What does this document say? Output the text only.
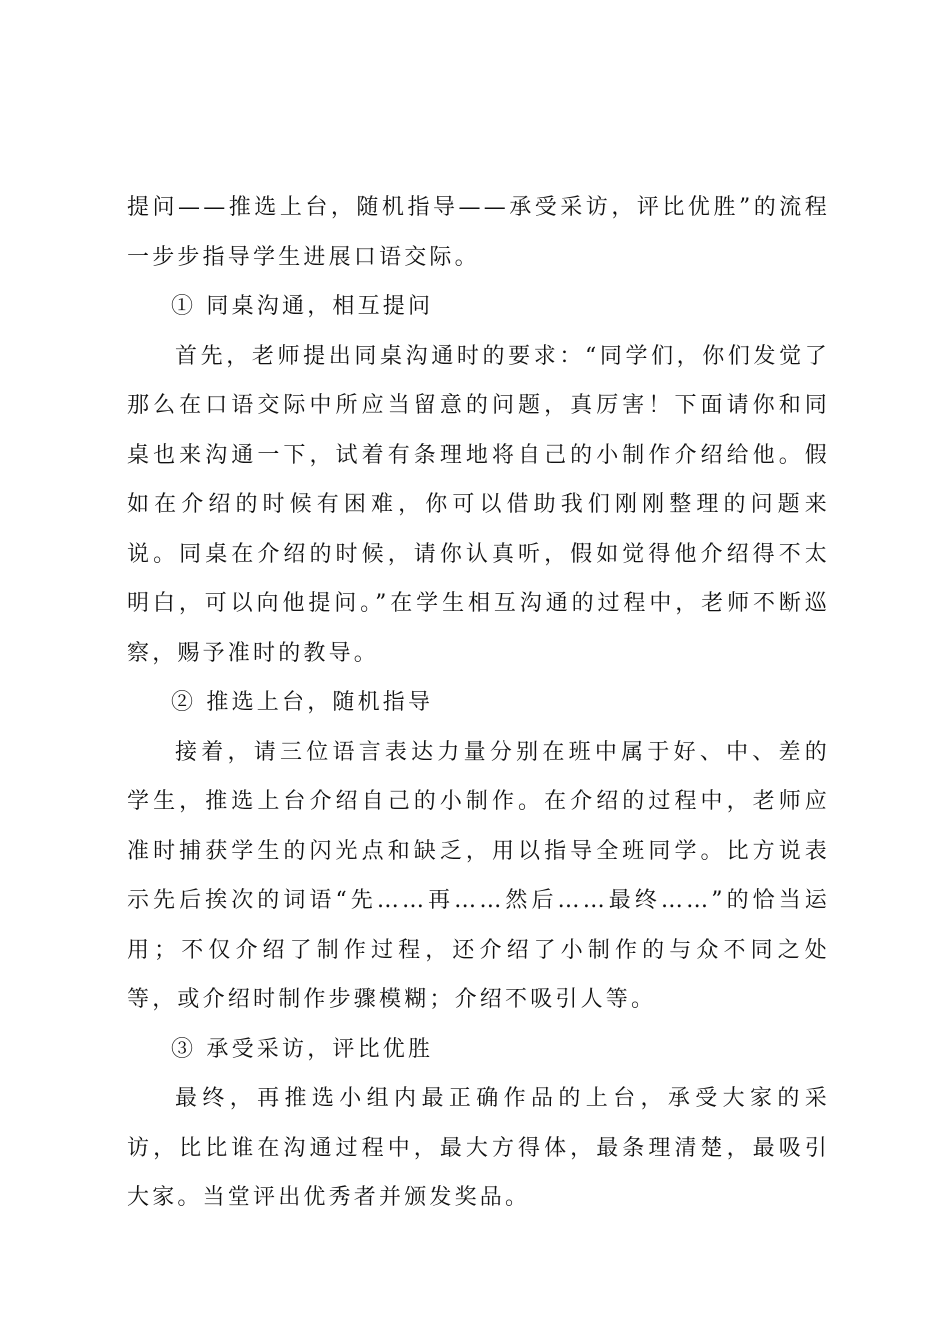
提问——推选上台，随机指导——承受采访，评比优胜”的流程一步步指导学生进展口语交际。

① 同桌沟通，相互提问

首先，老师提出同桌沟通时的要求：“同学们，你们发觉了那么在口语交际中所应当留意的问题，真厉害！下面请你和同桌也来沟通一下，试着有条理地将自己的小制作介绍给他。假如在介绍的时候有困难，你可以借助我们刚刚整理的问题来说。同桌在介绍的时候，请你认真听，假如觉得他介绍得不太明白，可以向他提问。”在学生相互沟通的过程中，老师不断巡察，赐予准时的教导。

② 推选上台，随机指导

接着，请三位语言表达力量分别在班中属于好、中、差的学生，推选上台介绍自己的小制作。在介绍的过程中，老师应准时捕获学生的闪光点和缺乏，用以指导全班同学。比方说表示先后挨次的词语“先……再……然后……最终……”的恰当运用；不仅介绍了制作过程，还介绍了小制作的与众不同之处等，或介绍时制作步骤模糊；介绍不吸引人等。

③ 承受采访，评比优胜

最终，再推选小组内最正确作品的上台，承受大家的采访，比比谁在沟通过程中，最大方得体，最条理清楚，最吸引大家。当堂评出优秀者并颁发奖品。
